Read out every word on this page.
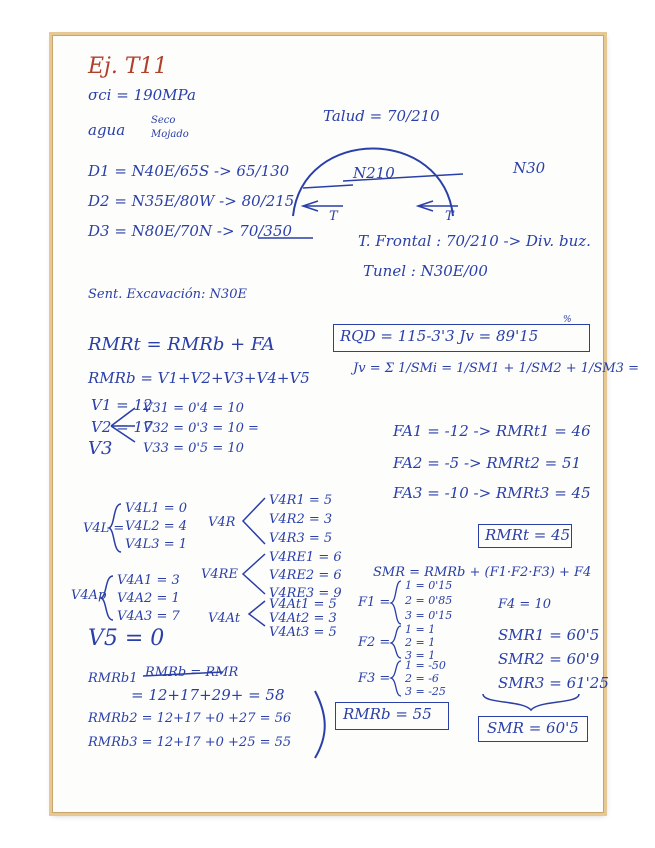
Ej. T11
σci = 190MPa
agua
Seco
Mojado
Talud = 70/210
D1 = N40E/65S -> 65/130
D2 = N35E/80W -> 80/215
D3 = N80E/70N -> 70/350
N210	N30
T	T
T. Frontal : 70/210 -> Div. buz.
Tunel : N30E/00
Sent. Excavación: N30E
RMRt = RMRb + FA	RQD = 115-3'3 Jv = 89'15
%
Jv = Σ 1/SMi = 1/SM1 + 1/SM2 + 1/SM3 =
RMRb = V1+V2+V3+V4+V5
V1 = 12
V2 = 17
V3
V31 = 0'4 = 10
V32 = 0'3 = 10 =
V33 = 0'5 = 10
FA1 = -12 -> RMRt1 = 46
FA2 = -5 -> RMRt2 = 51
FA3 = -10 -> RMRt3 = 45
RMRt = 45
V4L =
V4L1 = 0
V4L2 = 4
V4L3 = 1
V4R
V4R1 = 5
V4R2 = 3
V4R3 = 5
V4Ap
V4A1 = 3
V4A2 = 1
V4A3 = 7
V4RE
V4RE1 = 6
V4RE2 = 6
V4RE3 = 9
V4At
V4At1 = 5
V4At2 = 3
V4At3 = 5
V5 = 0
SMR = RMRb + (F1·F2·F3) + F4
F1 =
1 = 0'15
2 = 0'85
3 = 0'15
F4 = 10
F2 =
1 = 1
2 = 1
3 = 1
F3 =
1 = -50
2 = -6
3 = -25
SMR1 = 60'5
SMR2 = 60'9
SMR3 = 61'25
SMR = 60'5
RMRb1 RMRb = RMR
= 12+17+29+ = 58
RMRb2 = 12+17 +0 +27 = 56
RMRb3 = 12+17 +0 +25 = 55
RMRb = 55
